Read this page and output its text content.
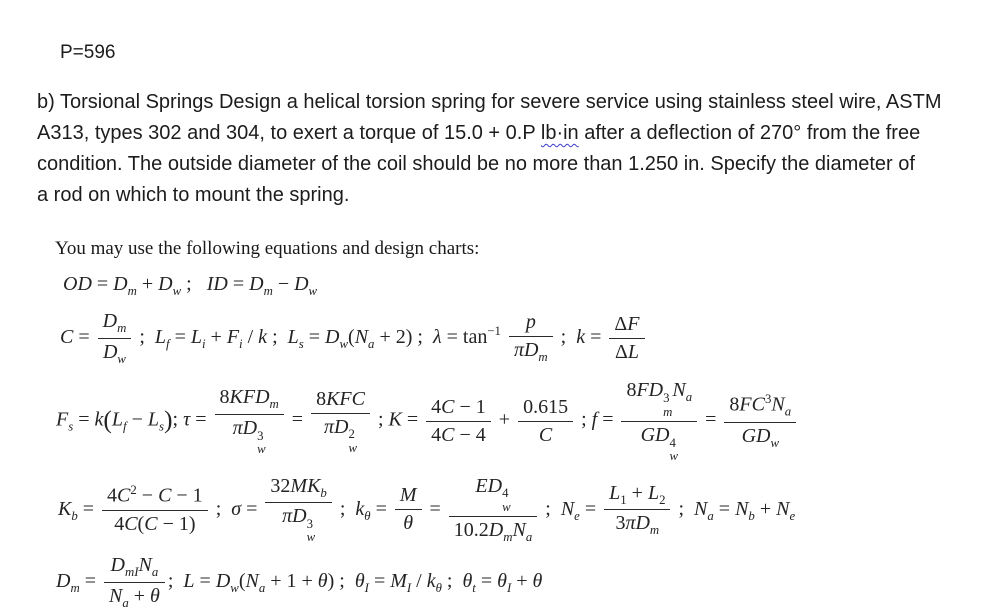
P=596
b) Torsional Springs Design a helical torsion spring for severe service using stainless steel wire, ASTM
A313, types 302 and 304, to exert a torque of 15.0 + 0.P lb·in after a deflection of 270° from the free
condition. The outside diameter of the coil should be no more than 1.250 in. Specify the diameter of
a rod on which to mount the spring.
You may use the following equations and design charts:
OD = $D_m + D_w$ ;   ID = $D_m - D_w$
$C = \frac{D_m}{D_w}$ ;  $L_f = L_i + F_i / k$ ;  $L_s = D_w(N_a + 2)$ ;  $\lambda = \tan^{-1} \frac{p}{\pi D_m}$ ;  $k = \frac{\Delta F}{\Delta L}$
$F_s = k(L_f - L_s)$; $\tau = 8KFD_m$
πD 3
w = 8KFC
πD 2
w ; $K = \frac{4C - 1}{4C - 4} + \frac{0.615}{C}$ ; f = 8FD 3
m
$N_a$
GD 4
$w = \frac{8FC^3N_a}{GD_w}$
$K_b = \frac{4C^2 - C - 1}{4C(C - 1)}$ ;  $\sigma = 32MK_b$
πD 3
w ;  $k_\theta = \frac{M}{\theta}$ = ED 4
w
$10.2D_mN_a$ ;  $N_e = \frac{L_1 + L_2}{3\pi D_m}$ ;  $N_a = N_b + N_e$
$D_m = \frac{D_{mI}N_a}{N_a + \theta}$ ;  $L = D_w(N_a + 1 + \theta)$ ;  $\theta_I = M_I / k_\theta$ ;  $\theta_t = \theta_I + \theta$
